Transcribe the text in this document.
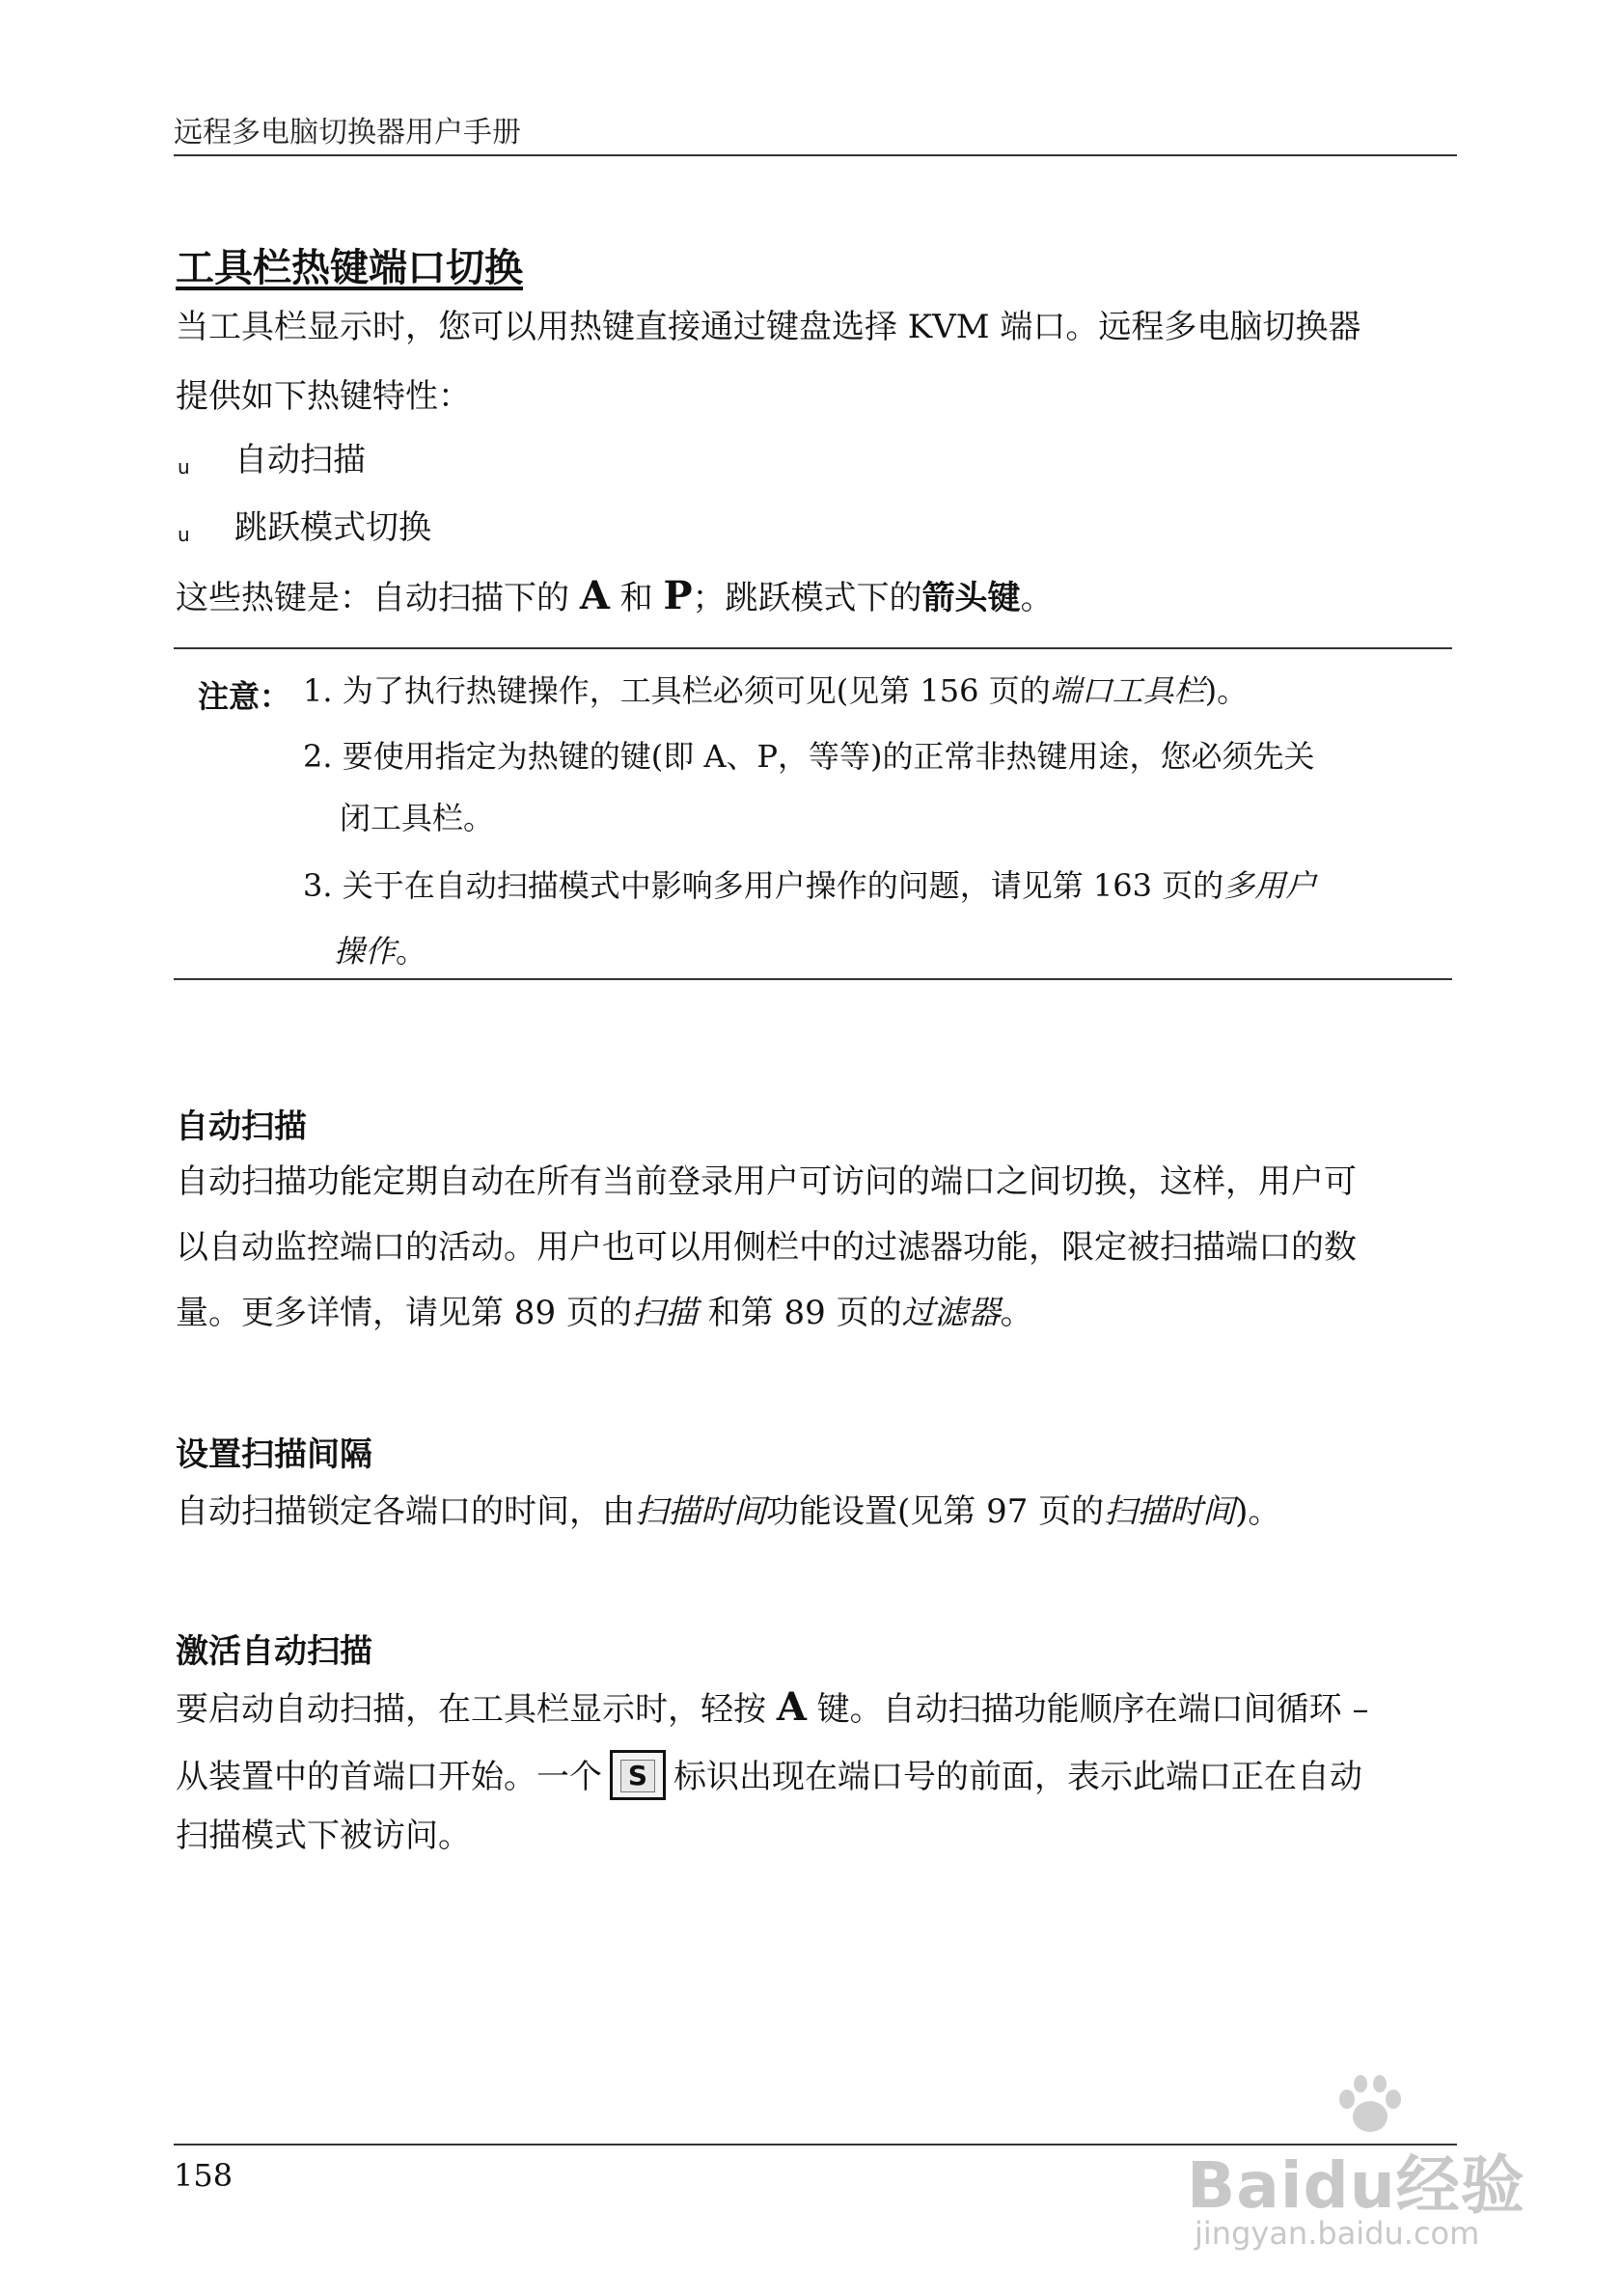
远程多电脑切换器用户手册
工具栏热键端口切换
当工具栏显示时，您可以用热键直接通过键盘选择 KVM 端口。远程多电脑切换器
提供如下热键特性：
u 自动扫描
u 跳跃模式切换
这些热键是：自动扫描下的 A 和 P；跳跃模式下的箭头键。
注意： 1. 为了执行热键操作，工具栏必须可见(见第 156 页的端口工具栏)。
2. 要使用指定为热键的键(即 A、P，等等)的正常非热键用途，您必须先关
闭工具栏。
3. 关于在自动扫描模式中影响多用户操作的问题，请见第 163 页的多用户
操作。
自动扫描
自动扫描功能定期自动在所有当前登录用户可访问的端口之间切换，这样，用户可
以自动监控端口的活动。用户也可以用侧栏中的过滤器功能，限定被扫描端口的数
量。更多详情，请见第 89 页的扫描 和第 89 页的过滤器。
设置扫描间隔
自动扫描锁定各端口的时间，由扫描时间功能设置(见第 97 页的扫描时间)。
激活自动扫描
要启动自动扫描，在工具栏显示时，轻按 A 键。自动扫描功能顺序在端口间循环 –
从装置中的首端口开始。一个 S 标识出现在端口号的前面，表示此端口正在自动
扫描模式下被访问。
158	Baidu经验
jingyan.baidu.com
